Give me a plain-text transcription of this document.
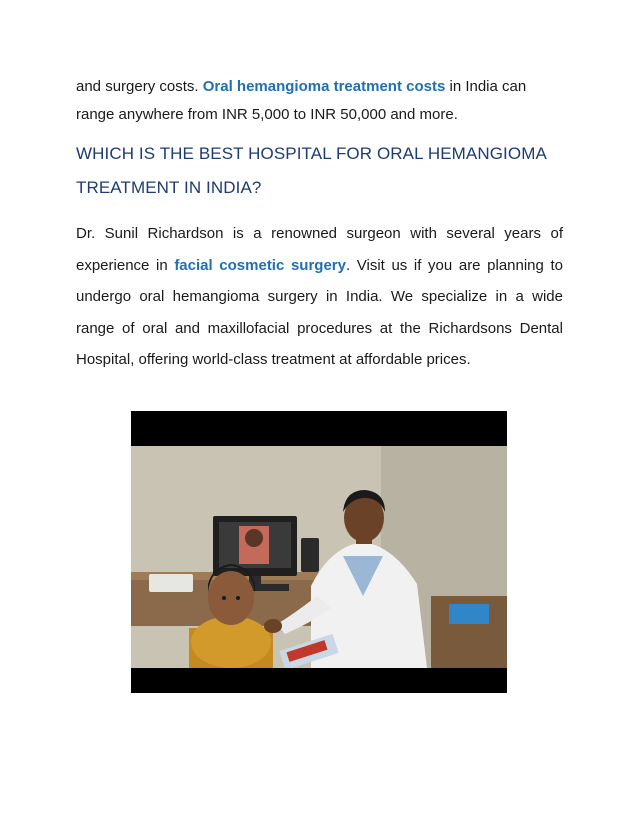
and surgery costs. Oral hemangioma treatment costs in India can range anywhere from INR 5,000 to INR 50,000 and more.

WHICH IS THE BEST HOSPITAL FOR ORAL HEMANGIOMA TREATMENT IN INDIA?

Dr. Sunil Richardson is a renowned surgeon with several years of experience in facial cosmetic surgery. Visit us if you are planning to undergo oral hemangioma surgery in India. We specialize in a wide range of oral and maxillofacial procedures at the Richardsons Dental Hospital, offering world-class treatment at affordable prices.
